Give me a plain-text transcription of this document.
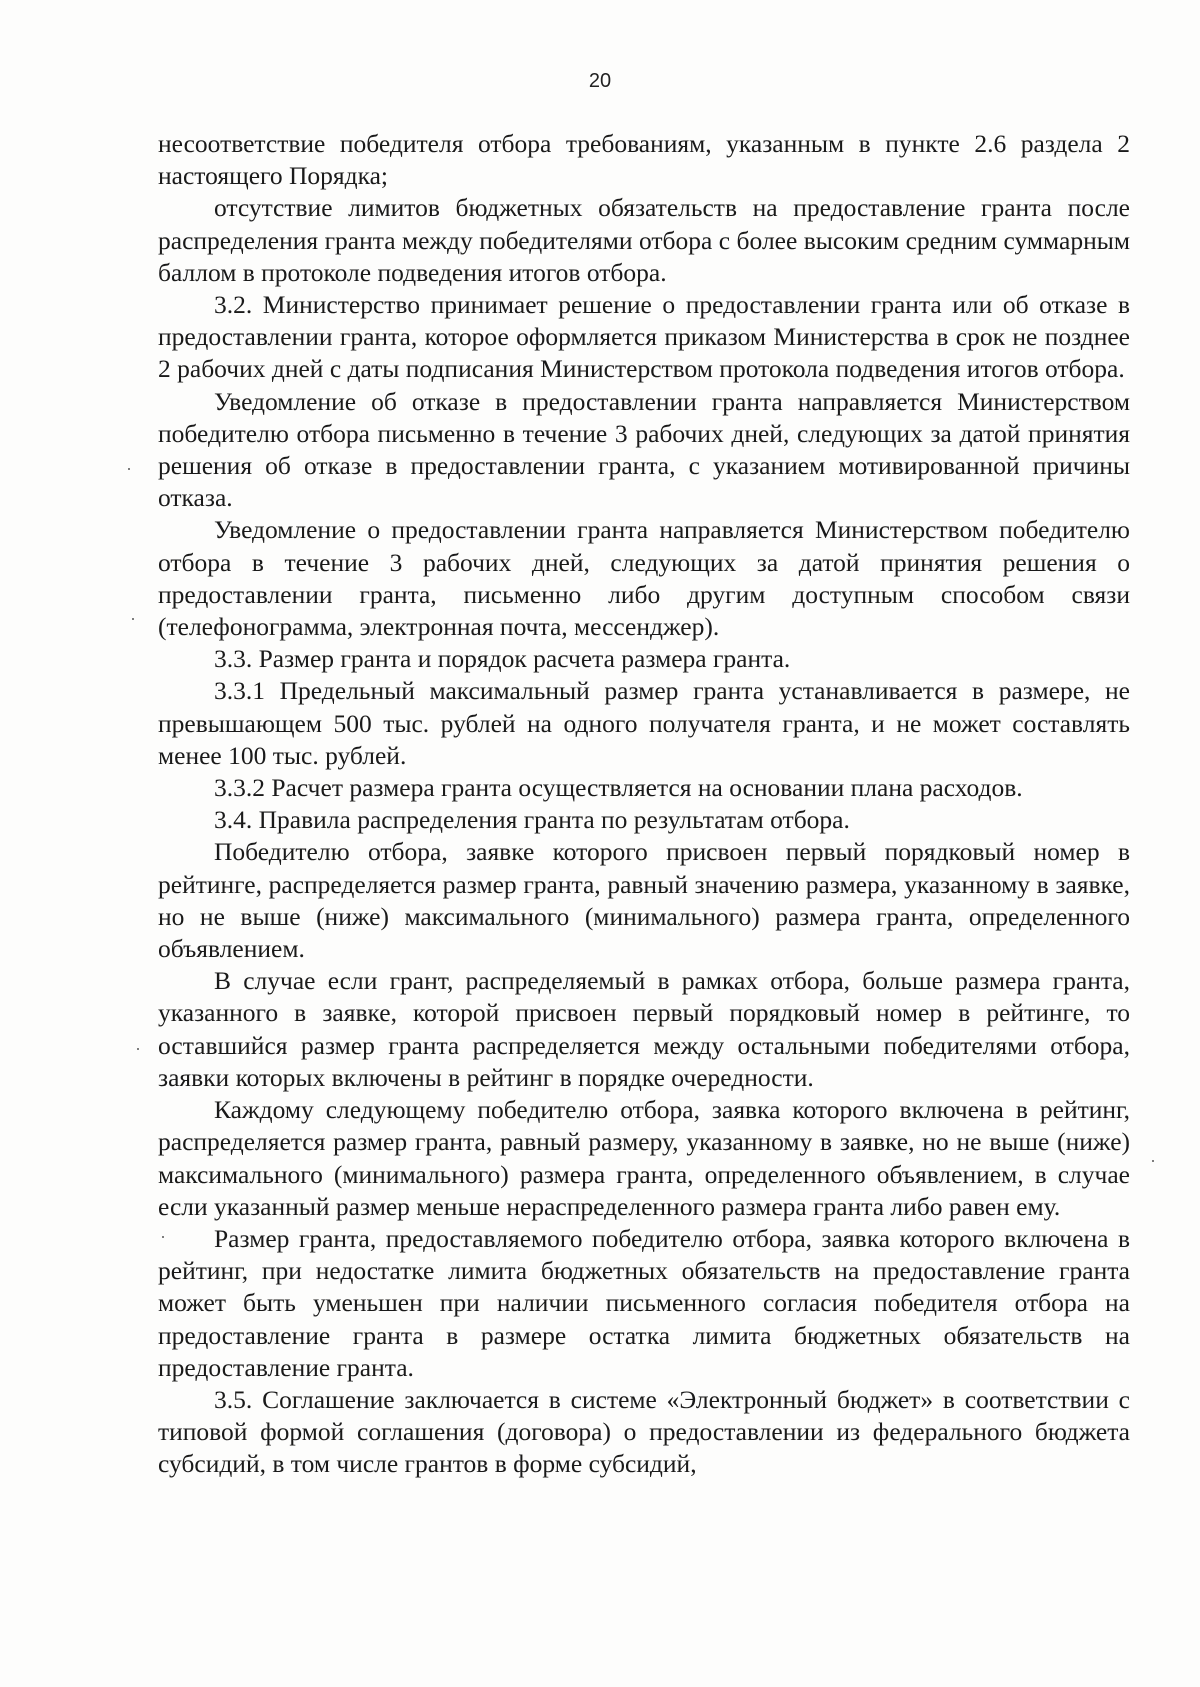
20

несоответствие победителя отбора требованиям, указанным в пункте 2.6 раздела 2 настоящего Порядка;

отсутствие лимитов бюджетных обязательств на предоставление гранта после распределения гранта между победителями отбора с более высоким средним суммарным баллом в протоколе подведения итогов отбора.

3.2. Министерство принимает решение о предоставлении гранта или об отказе в предоставлении гранта, которое оформляется приказом Министерства в срок не позднее 2 рабочих дней с даты подписания Министерством протокола подведения итогов отбора.

Уведомление об отказе в предоставлении гранта направляется Министерством победителю отбора письменно в течение 3 рабочих дней, следующих за датой принятия решения об отказе в предоставлении гранта, с указанием мотивированной причины отказа.

Уведомление о предоставлении гранта направляется Министерством победителю отбора в течение 3 рабочих дней, следующих за датой принятия решения о предоставлении гранта, письменно либо другим доступным способом связи (телефонограмма, электронная почта, мессенджер).

3.3. Размер гранта и порядок расчета размера гранта.

3.3.1 Предельный максимальный размер гранта устанавливается в размере, не превышающем 500 тыс. рублей на одного получателя гранта, и не может составлять менее 100 тыс. рублей.

3.3.2 Расчет размера гранта осуществляется на основании плана расходов.

3.4. Правила распределения гранта по результатам отбора.

Победителю отбора, заявке которого присвоен первый порядковый номер в рейтинге, распределяется размер гранта, равный значению размера, указанному в заявке, но не выше (ниже) максимального (минимального) размера гранта, определенного объявлением.

В случае если грант, распределяемый в рамках отбора, больше размера гранта, указанного в заявке, которой присвоен первый порядковый номер в рейтинге, то оставшийся размер гранта распределяется между остальными победителями отбора, заявки которых включены в рейтинг в порядке очередности.

Каждому следующему победителю отбора, заявка которого включена в рейтинг, распределяется размер гранта, равный размеру, указанному в заявке, но не выше (ниже) максимального (минимального) размера гранта, определенного объявлением, в случае если указанный размер меньше нераспределенного размера гранта либо равен ему.

Размер гранта, предоставляемого победителю отбора, заявка которого включена в рейтинг, при недостатке лимита бюджетных обязательств на предоставление гранта может быть уменьшен при наличии письменного согласия победителя отбора на предоставление гранта в размере остатка лимита бюджетных обязательств на предоставление гранта.

3.5. Соглашение заключается в системе «Электронный бюджет» в соответствии с типовой формой соглашения (договора) о предоставлении из федерального бюджета субсидий, в том числе грантов в форме субсидий,
